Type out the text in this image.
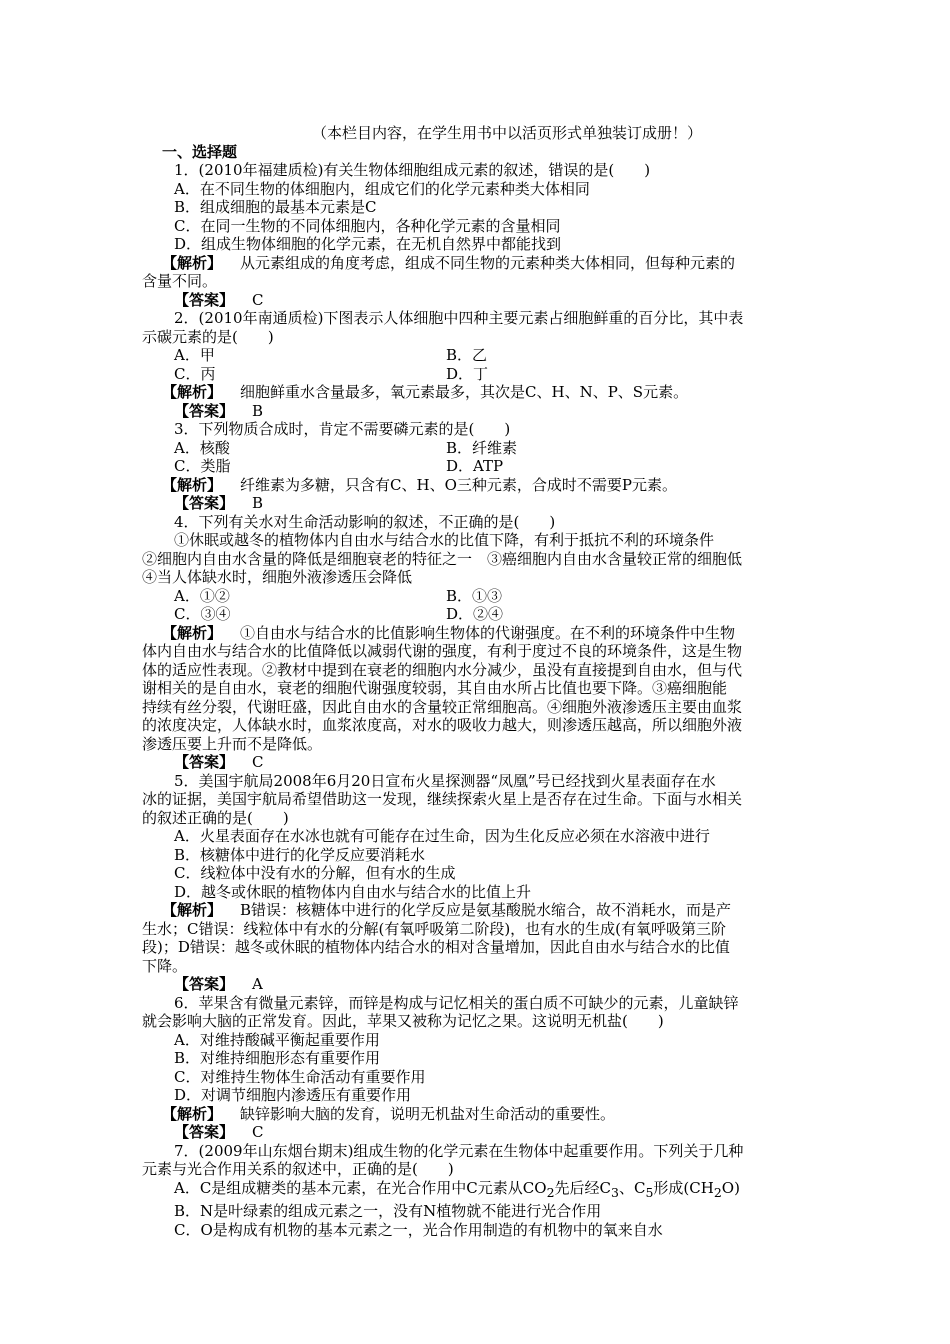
（本栏目内容，在学生用书中以活页形式单独装订成册！）
一、选择题
1．(2010年福建质检)有关生物体细胞组成元素的叙述，错误的是(　　)
A．在不同生物的体细胞内，组成它们的化学元素种类大体相同
B．组成细胞的最基本元素是C
C．在同一生物的不同体细胞内，各种化学元素的含量相同
D．组成生物体细胞的化学元素，在无机自然界中都能找到
【解析】 从元素组成的角度考虑，组成不同生物的元素种类大体相同，但每种元素的
含量不同。
【答案】 C
2．(2010年南通质检)下图表示人体细胞中四种主要元素占细胞鲜重的百分比，其中表
示碳元素的是(　　)
A．甲	B．乙
C．丙	D．丁
【解析】 细胞鲜重水含量最多，氧元素最多，其次是C、H、N、P、S元素。
【答案】 B
3．下列物质合成时，肯定不需要磷元素的是(　　)
A．核酸	B．纤维素
C．类脂	D．ATP
【解析】 纤维素为多糖，只含有C、H、O三种元素，合成时不需要P元素。
【答案】 B
4．下列有关水对生命活动影响的叙述，不正确的是(　　)
①休眠或越冬的植物体内自由水与结合水的比值下降，有利于抵抗不利的环境条件
②细胞内自由水含量的降低是细胞衰老的特征之一　③癌细胞内自由水含量较正常的细胞低
④当人体缺水时，细胞外液渗透压会降低
A．①②	B．①③
C．③④	D．②④
【解析】 ①自由水与结合水的比值影响生物体的代谢强度。在不利的环境条件中生物
体内自由水与结合水的比值降低以减弱代谢的强度，有利于度过不良的环境条件，这是生物
体的适应性表现。②教材中提到在衰老的细胞内水分减少，虽没有直接提到自由水，但与代
谢相关的是自由水，衰老的细胞代谢强度较弱，其自由水所占比值也要下降。③癌细胞能
持续有丝分裂，代谢旺盛，因此自由水的含量较正常细胞高。④细胞外液渗透压主要由血浆
的浓度决定，人体缺水时，血浆浓度高，对水的吸收力越大，则渗透压越高，所以细胞外液
渗透压要上升而不是降低。
【答案】 C
5．美国宇航局2008年6月20日宣布火星探测器“凤凰”号已经找到火星表面存在水
冰的证据，美国宇航局希望借助这一发现，继续探索火星上是否存在过生命。下面与水相关
的叙述正确的是(　　)
A．火星表面存在水冰也就有可能存在过生命，因为生化反应必须在水溶液中进行
B．核糖体中进行的化学反应要消耗水
C．线粒体中没有水的分解，但有水的生成
D．越冬或休眠的植物体内自由水与结合水的比值上升
【解析】 B错误：核糖体中进行的化学反应是氨基酸脱水缩合，故不消耗水，而是产
生水；C错误：线粒体中有水的分解(有氧呼吸第二阶段)，也有水的生成(有氧呼吸第三阶
段)；D错误：越冬或休眠的植物体内结合水的相对含量增加，因此自由水与结合水的比值
下降。
【答案】 A
6．苹果含有微量元素锌，而锌是构成与记忆相关的蛋白质不可缺少的元素，儿童缺锌
就会影响大脑的正常发育。因此，苹果又被称为记忆之果。这说明无机盐(　　)
A．对维持酸碱平衡起重要作用
B．对维持细胞形态有重要作用
C．对维持生物体生命活动有重要作用
D．对调节细胞内渗透压有重要作用
【解析】 缺锌影响大脑的发育，说明无机盐对生命活动的重要性。
【答案】 C
7．(2009年山东烟台期末)组成生物的化学元素在生物体中起重要作用。下列关于几种
元素与光合作用关系的叙述中，正确的是(　　)
A．C是组成糖类的基本元素，在光合作用中C元素从$CO_2$先后经$C_3$、$C_5$形成$(CH_2O)$
B．N是叶绿素的组成元素之一，没有N植物就不能进行光合作用
C．O是构成有机物的基本元素之一，光合作用制造的有机物中的氧来自水
